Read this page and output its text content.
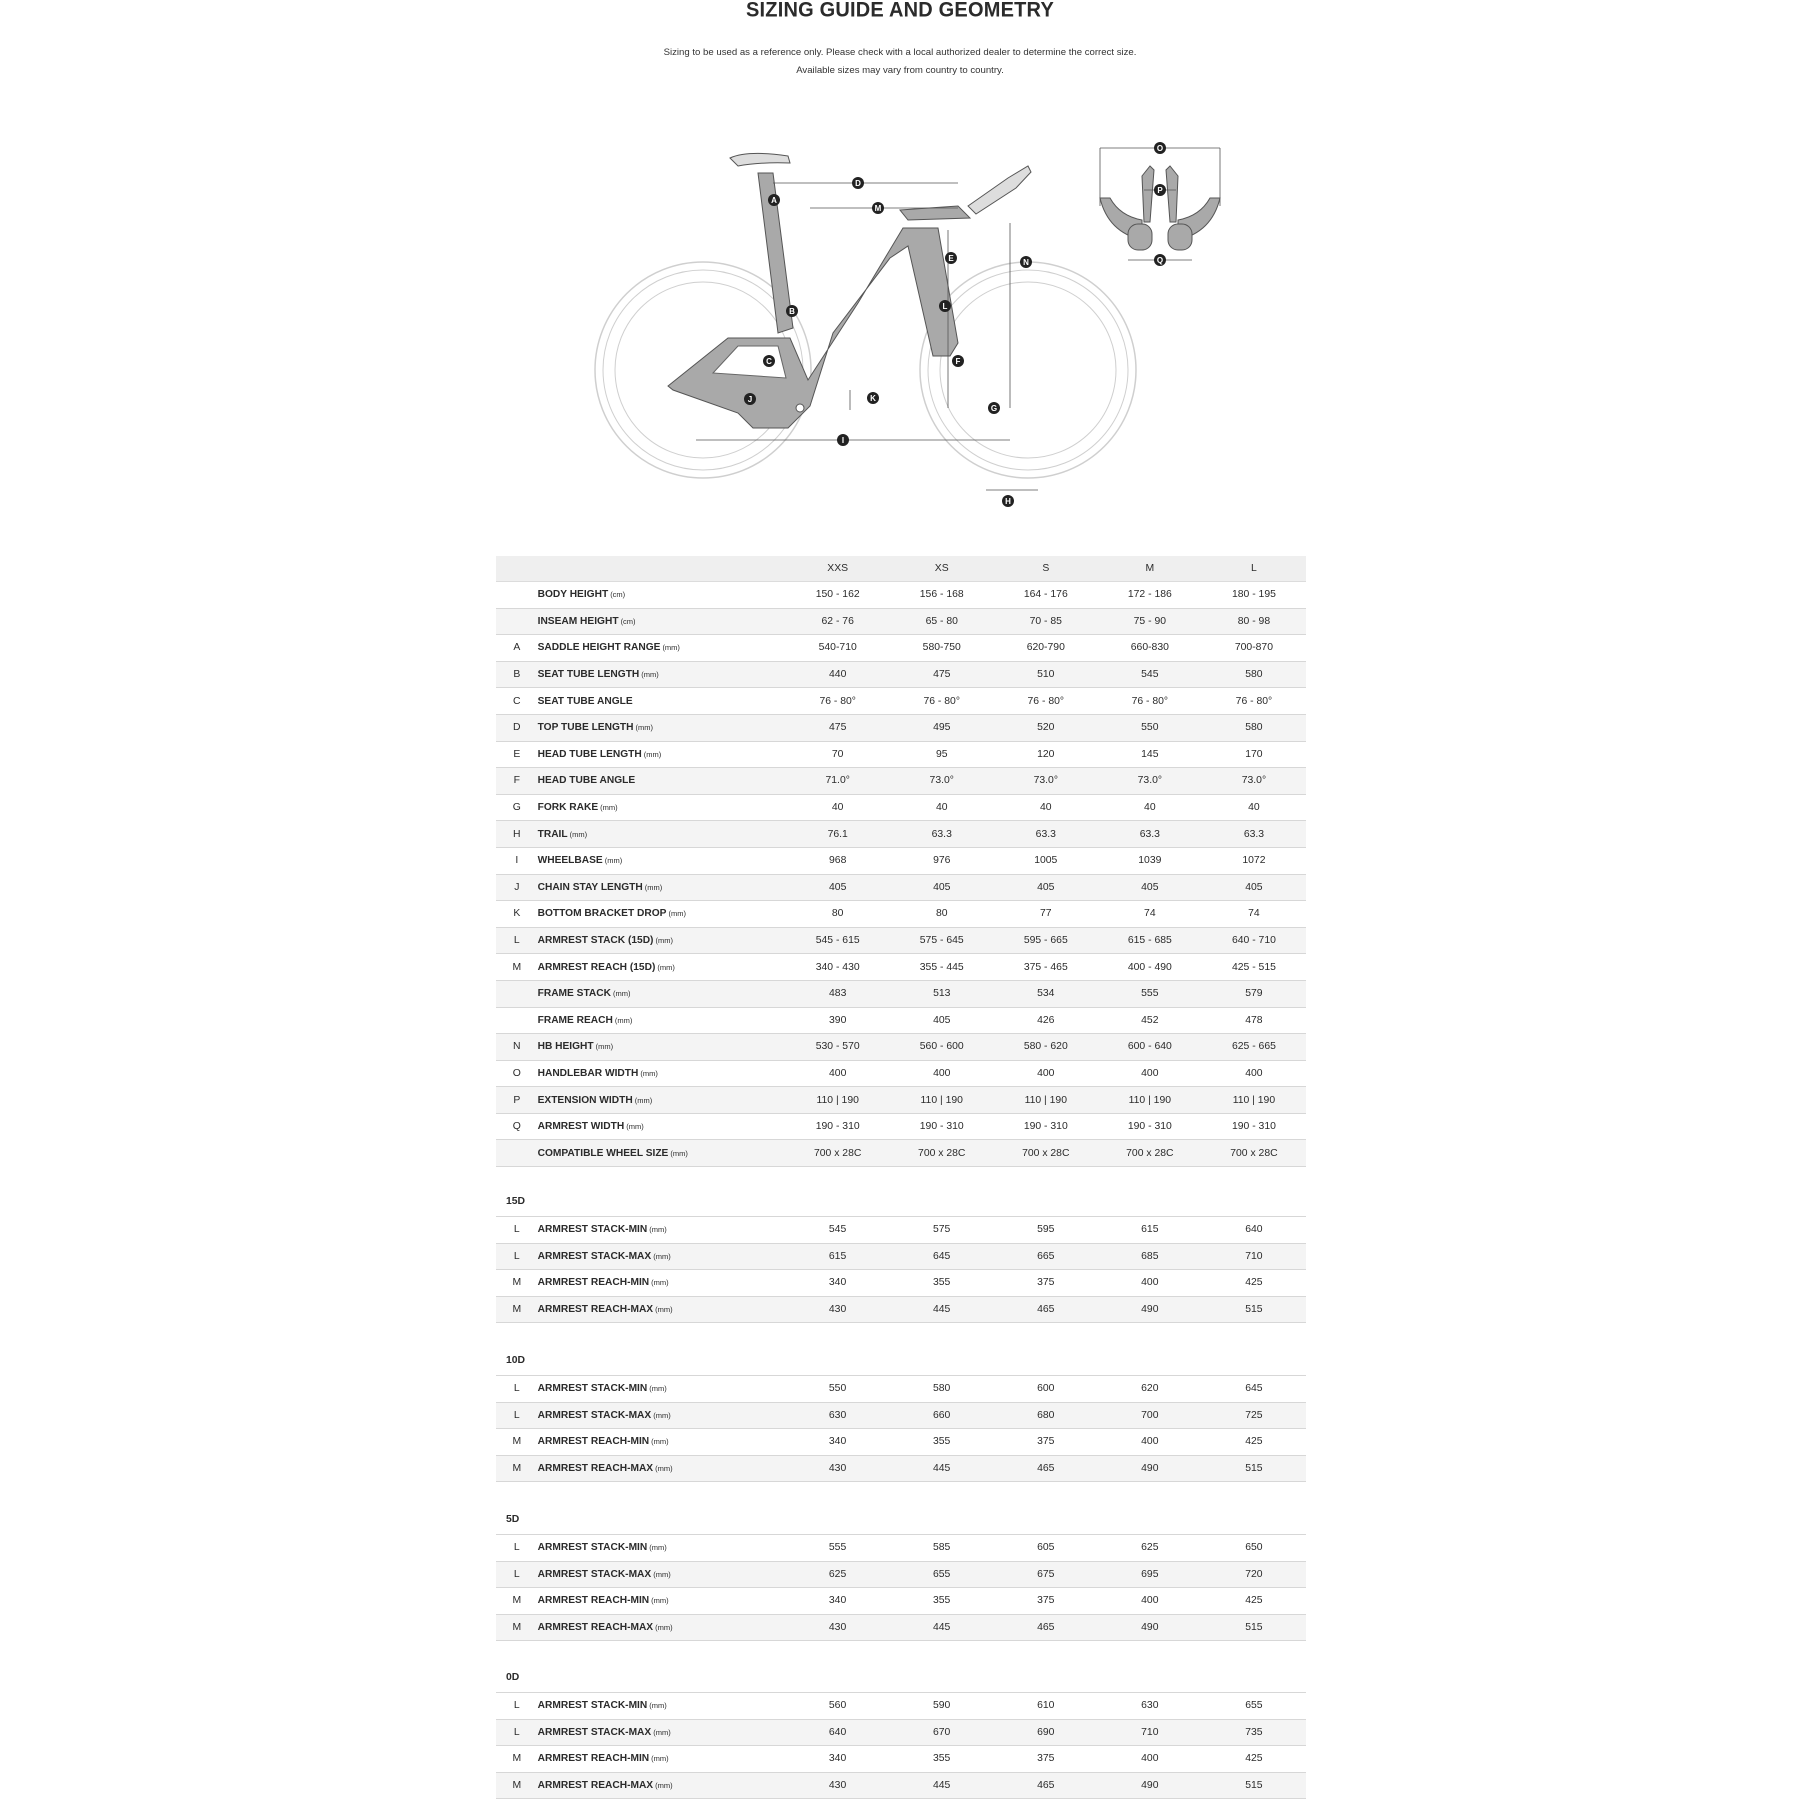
SIZING GUIDE AND GEOMETRY
Sizing to be used as a reference only. Please check with a local authorized dealer to determine the correct size.
Available sizes may vary from country to country.
A
B
C
D
E
F
G
H
I
J	K
L
M
N
O
P
Q
		XXS	XS	S	M	L
	BODY HEIGHT (cm)	150 - 162	156 - 168	164 - 176	172 - 186	180 - 195
	INSEAM HEIGHT (cm)	62 - 76	65 - 80	70 - 85	75 - 90	80 - 98
A	SADDLE HEIGHT RANGE (mm)	540-710	580-750	620-790	660-830	700-870
B	SEAT TUBE LENGTH (mm)	440	475	510	545	580
C	SEAT TUBE ANGLE	76 - 80°	76 - 80°	76 - 80°	76 - 80°	76 - 80°
D	TOP TUBE LENGTH (mm)	475	495	520	550	580
E	HEAD TUBE LENGTH (mm)	70	95	120	145	170
F	HEAD TUBE ANGLE	71.0°	73.0°	73.0°	73.0°	73.0°
G	FORK RAKE (mm)	40	40	40	40	40
H	TRAIL (mm)	76.1	63.3	63.3	63.3	63.3
I	WHEELBASE (mm)	968	976	1005	1039	1072
J	CHAIN STAY LENGTH (mm)	405	405	405	405	405
K	BOTTOM BRACKET DROP (mm)	80	80	77	74	74
L	ARMREST STACK (15D) (mm)	545 - 615	575 - 645	595 - 665	615 - 685	640 - 710
M	ARMREST REACH (15D) (mm)	340 - 430	355 - 445	375 - 465	400 - 490	425 - 515
	FRAME STACK (mm)	483	513	534	555	579
	FRAME REACH (mm)	390	405	426	452	478
N	HB HEIGHT (mm)	530 - 570	560 - 600	580 - 620	600 - 640	625 - 665
O	HANDLEBAR WIDTH (mm)	400	400	400	400	400
P	EXTENSION WIDTH (mm)	110 | 190	110 | 190	110 | 190	110 | 190	110 | 190
Q	ARMREST WIDTH (mm)	190 - 310	190 - 310	190 - 310	190 - 310	190 - 310
	COMPATIBLE WHEEL SIZE (mm)	700 x 28C	700 x 28C	700 x 28C	700 x 28C	700 x 28C
15D
L	ARMREST STACK-MIN (mm)	545	575	595	615	640
L	ARMREST STACK-MAX (mm)	615	645	665	685	710
M	ARMREST REACH-MIN (mm)	340	355	375	400	425
M	ARMREST REACH-MAX (mm)	430	445	465	490	515
10D
L	ARMREST STACK-MIN (mm)	550	580	600	620	645
L	ARMREST STACK-MAX (mm)	630	660	680	700	725
M	ARMREST REACH-MIN (mm)	340	355	375	400	425
M	ARMREST REACH-MAX (mm)	430	445	465	490	515
5D
L	ARMREST STACK-MIN (mm)	555	585	605	625	650
L	ARMREST STACK-MAX (mm)	625	655	675	695	720
M	ARMREST REACH-MIN (mm)	340	355	375	400	425
M	ARMREST REACH-MAX (mm)	430	445	465	490	515
0D
L	ARMREST STACK-MIN (mm)	560	590	610	630	655
L	ARMREST STACK-MAX (mm)	640	670	690	710	735
M	ARMREST REACH-MIN (mm)	340	355	375	400	425
M	ARMREST REACH-MAX (mm)	430	445	465	490	515
